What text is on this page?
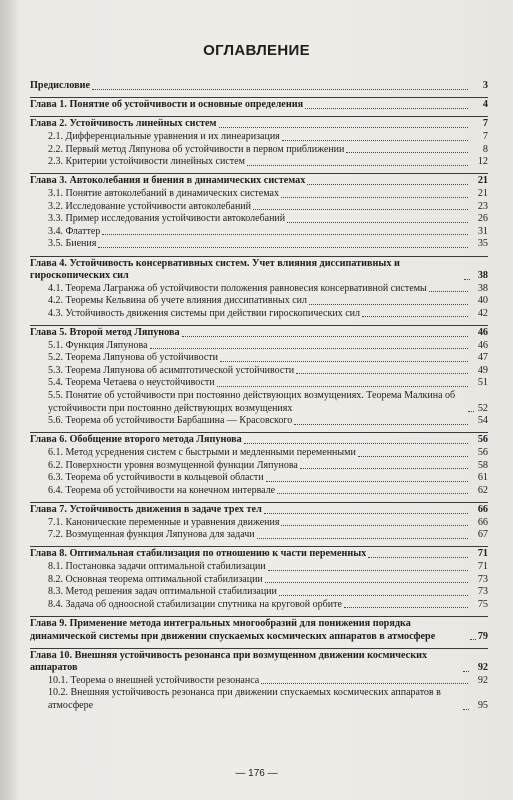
ОГЛАВЛЕНИЕ
Предисловие	3
Глава 1. Понятие об устойчивости и основные определения	4
Глава 2. Устойчивость линейных систем	7
2.1. Дифференциальные уравнения и их линеаризация	7
2.2. Первый метод Ляпунова об устойчивости в первом приближении	8
2.3. Критерии устойчивости линейных систем	12
Глава 3. Автоколебания и биения в динамических системах	21
3.1. Понятие автоколебаний в динамических системах	21
3.2. Исследование устойчивости автоколебаний	23
3.3. Пример исследования устойчивости автоколебаний	26
3.4. Флаттер	31
3.5. Биения	35
Глава 4. Устойчивость консервативных систем. Учет влияния диссипативных и гироскопических сил	38
4.1. Теорема Лагранжа об устойчивости положения равновесия консервативной системы	38
4.2. Теоремы Кельвина об учете влияния диссипативных сил	40
4.3. Устойчивость движения системы при действии гироскопических сил	42
Глава 5. Второй метод Ляпунова	46
5.1. Функция Ляпунова	46
5.2. Теорема Ляпунова об устойчивости	47
5.3. Теорема Ляпунова об асимптотической устойчивости	49
5.4. Теорема Четаева о неустойчивости	51
5.5. Понятие об устойчивости при постоянно действующих возмущениях. Теорема Малкина об устойчивости при постоянно действующих возмущениях	52
5.6. Теорема об устойчивости Барбашина — Красовского	54
Глава 6. Обобщение второго метода Ляпунова	56
6.1. Метод усреднения систем с быстрыми и медленными переменными	56
6.2. Поверхности уровня возмущенной функции Ляпунова	58
6.3. Теорема об устойчивости в кольцевой области	61
6.4. Теорема об устойчивости на конечном интервале	62
Глава 7. Устойчивость движения в задаче трех тел	66
7.1. Канонические переменные и уравнения движения	66
7.2. Возмущенная функция Ляпунова для задачи	67
Глава 8. Оптимальная стабилизация по отношению к части переменных	71
8.1. Постановка задачи оптимальной стабилизации	71
8.2. Основная теорема оптимальной стабилизации	73
8.3. Метод решения задач оптимальной стабилизации	73
8.4. Задача об одноосной стабилизации спутника на круговой орбите	75
Глава 9. Применение метода интегральных многообразий для понижения порядка динамической системы при движении спускаемых космических аппаратов в атмосфере	79
Глава 10. Внешняя устойчивость резонанса при возмущенном движении космических аппаратов	92
10.1. Теорема о внешней устойчивости резонанса	92
10.2. Внешняя устойчивость резонанса при движении спускаемых космических аппаратов в атмосфере	95
— 176 —
